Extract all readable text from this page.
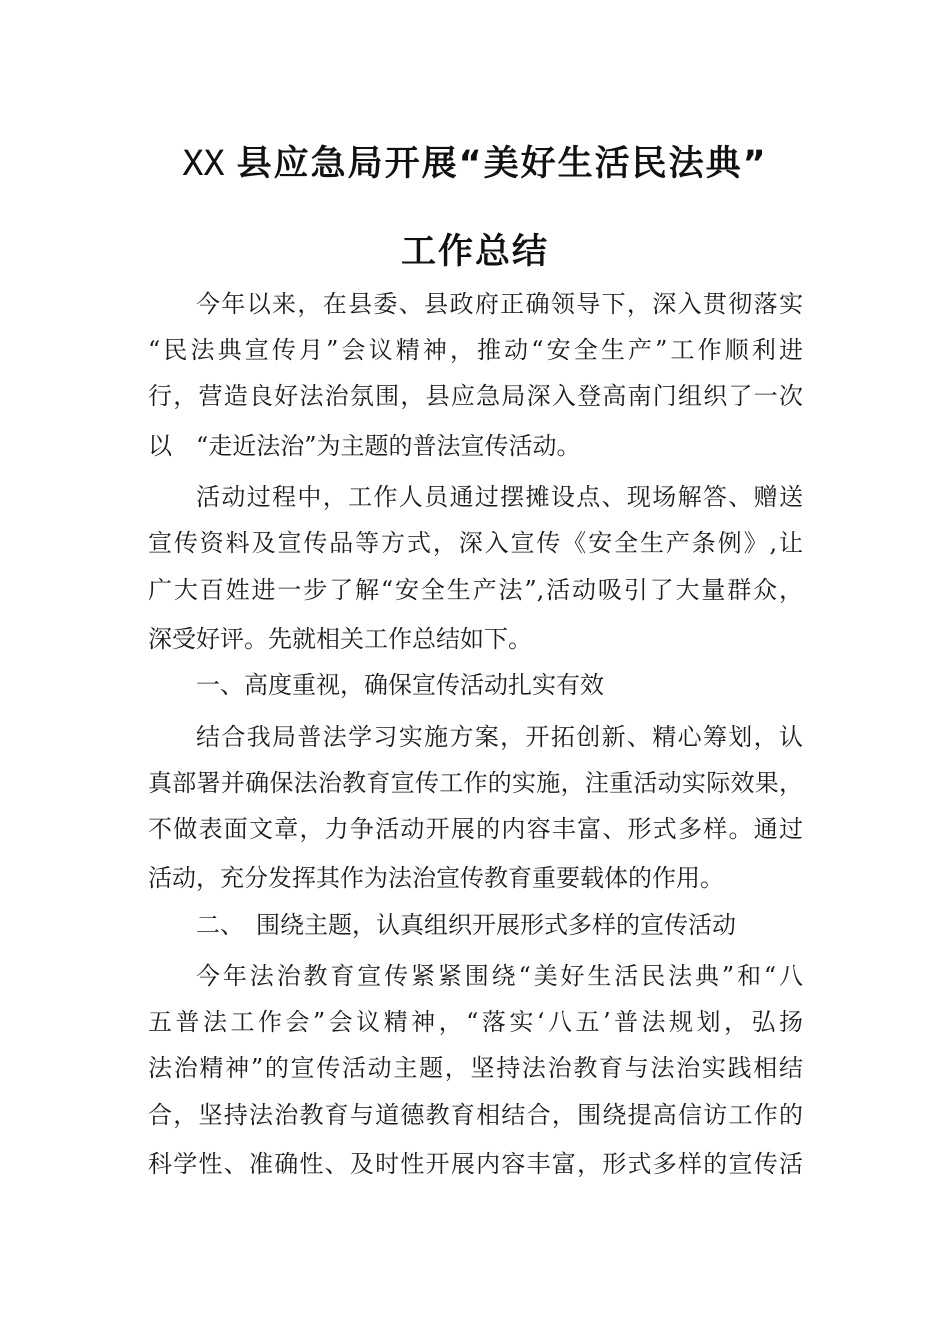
XX 县应急局开展“美好生活民法典”
工作总结
今年以来，在县委、县政府正确领导下，深入贯彻落实
“民法典宣传月”会议精神，推动“安全生产”工作顺利进
行，营造良好法治氛围，县应急局深入登高南门组织了一次
以　“走近法治”为主题的普法宣传活动。
活动过程中，工作人员通过摆摊设点、现场解答、赠送
宣传资料及宣传品等方式，深入宣传《安全生产条例》,让
广大百姓进一步了解“安全生产法”,活动吸引了大量群众，
深受好评。先就相关工作总结如下。
一、高度重视，确保宣传活动扎实有效
结合我局普法学习实施方案，开拓创新、精心筹划，认
真部署并确保法治教育宣传工作的实施，注重活动实际效果，
不做表面文章，力争活动开展的内容丰富、形式多样。通过
活动，充分发挥其作为法治宣传教育重要载体的作用。
二、　围绕主题，认真组织开展形式多样的宣传活动
今年法治教育宣传紧紧围绕“美好生活民法典”和“八
五普法工作会”会议精神，“落实‘八五’普法规划，弘扬
法治精神”的宣传活动主题，坚持法治教育与法治实践相结
合，坚持法治教育与道德教育相结合，围绕提高信访工作的
科学性、准确性、及时性开展内容丰富，形式多样的宣传活
